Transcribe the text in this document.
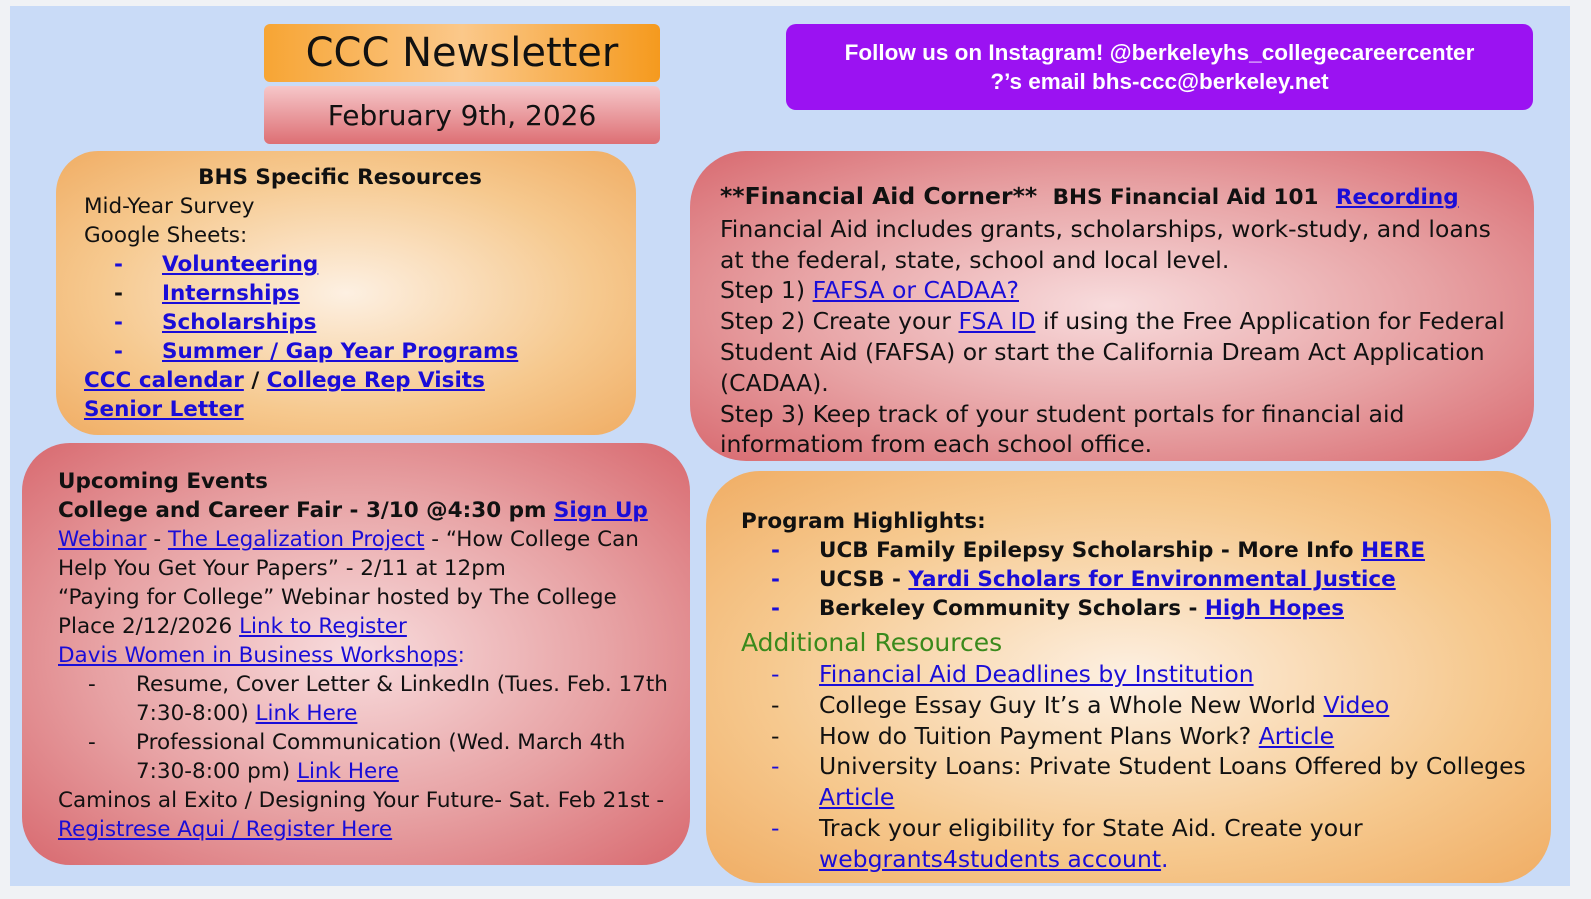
CCC Newsletter
February 9th, 2026
Follow us on Instagram! @berkeleyhs_collegecareercenter
?’s email bhs-ccc@berkeley.net
BHS Specific Resources
Mid-Year Survey
Google Sheets:
-	Volunteering
-	Internships
-	Scholarships
-	Summer / Gap Year Programs
CCC calendar / College Rep Visits
Senior Letter
**Financial Aid Corner** BHS Financial Aid 101 Recording
Financial Aid includes grants, scholarships, work-study, and loans at the federal, state, school and local level.
Step 1) FAFSA or CADAA?
Step 2) Create your FSA ID if using the Free Application for Federal Student Aid (FAFSA) or start the California Dream Act Application (CADAA).
Step 3) Keep track of your student portals for financial aid informatiom from each school office.
Upcoming Events
College and Career Fair - 3/10 @4:30 pm Sign Up
Webinar - The Legalization Project - “How College Can Help You Get Your Papers” - 2/11 at 12pm
“Paying for College” Webinar hosted by The College Place 2/12/2026 Link to Register
Davis Women in Business Workshops:
-	Resume, Cover Letter & LinkedIn (Tues. Feb. 17th 7:30-8:00) Link Here
-	Professional Communication (Wed. March 4th 7:30-8:00 pm) Link Here
Caminos al Exito / Designing Your Future- Sat. Feb 21st - Registrese Aqui / Register Here
Program Highlights:
-	UCB Family Epilepsy Scholarship - More Info HERE
-	UCSB - Yardi Scholars for Environmental Justice
-	Berkeley Community Scholars - High Hopes
Additional Resources
-	Financial Aid Deadlines by Institution
-	College Essay Guy It’s a Whole New World Video
-	How do Tuition Payment Plans Work? Article
-	University Loans: Private Student Loans Offered by Colleges Article
-	Track your eligibility for State Aid. Create your webgrants4students account.
